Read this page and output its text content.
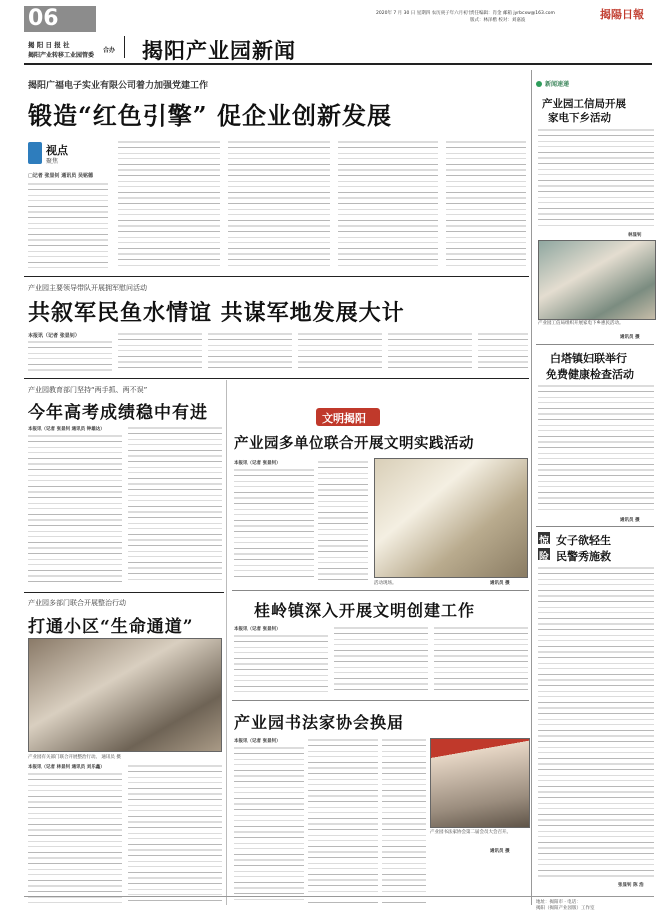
06
揭 阳 日 报 社
揭阳产业转移工业园管委
合办 揭阳产业园新闻
2020年 7 月 30 日 星期四 农历庚子年六月初十
责任编辑：肖金 邮箱 jyrbcxw@163.com
版式：林泽楷 校对：刘嘉波	揭陽日報
揭阳广福电子实业有限公司着力加强党建工作
锻造“红色引擎” 促企业创新发展
视点
聚焦
□记者 张显钊 通讯员 吴铭德
产业园主要领导带队开展拥军慰问活动
共叙军民鱼水情谊 共谋军地发展大计
本报讯（记者 张显钊）
产业园教育部门坚持“两手抓、两不误”
今年高考成绩稳中有进
本报讯（记者 张显钊 通讯员 钟雄达）
产业园多部门联合开展整治行动
打通小区“生命通道”
产业园有关部门联合开展整治行动。 通讯员 摄
本报讯（记者 林显钊 通讯员 刘乐鑫）
文明揭阳
产业园多单位联合开展文明实践活动
本报讯（记者 张显钊）
活动现场。	通讯员 摄
桂岭镇深入开展文明创建工作
本报讯（记者 张显钊）
产业园书法家协会换届
本报讯（记者 张显钊）
产业园书法家协会第二届会员大会召开。
通讯员 摄
新闻速递
产业园工信局开展
家电下乡活动
林显钊
产业园工信局组织开展家电下乡惠民活动。
通讯员 摄
白塔镇妇联举行
免费健康检查活动
通讯员 摄
惊
险
女子欲轻生
民警秀施救
张显钊 陈 浩
地址：揭阳市 · 电话：
揭阳（揭阳产业园版）工作室
